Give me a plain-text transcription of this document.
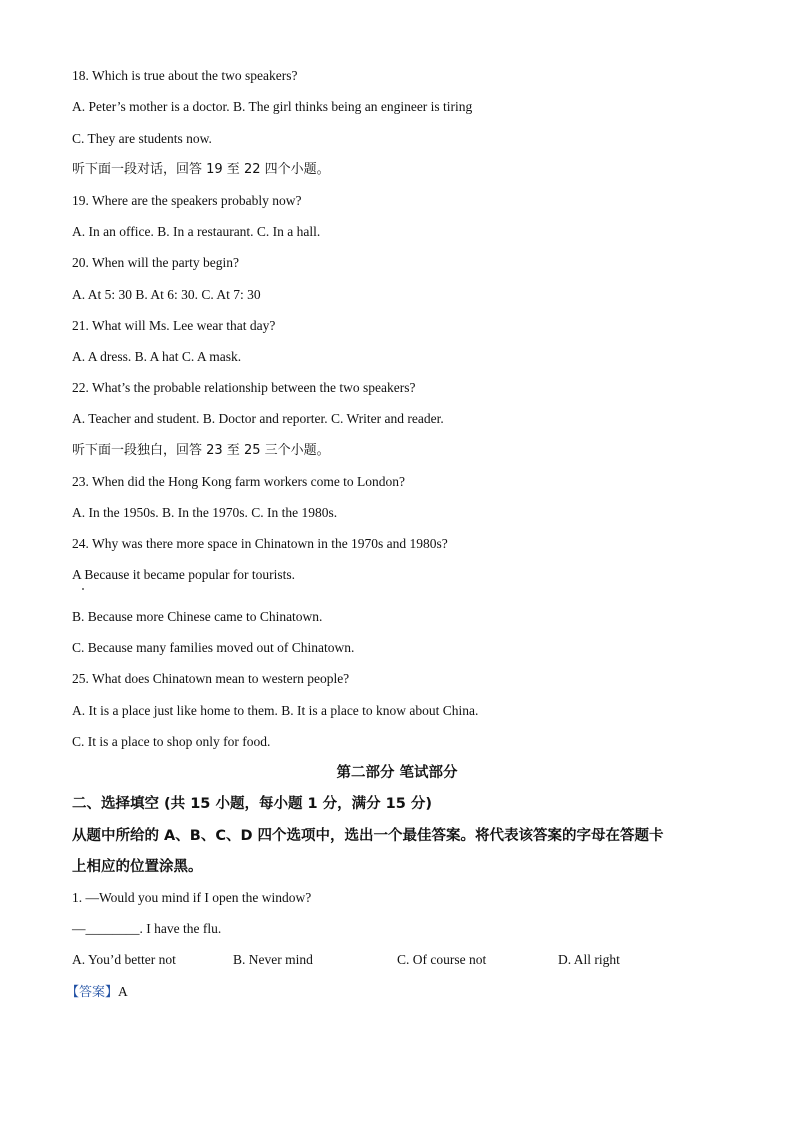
18. Which is true about the two speakers?
A. Peter’s mother is a doctor. B. The girl thinks being an engineer is tiring
C. They are students now.
听下面一段对话，回答 19 至 22 四个小题。
19. Where are the speakers probably now?
A. In an office. B. In a restaurant. C. In a hall.
20. When will the party begin?
A. At 5: 30 B. At 6: 30. C. At 7: 30
21. What will Ms. Lee wear that day?
A. A dress. B. A hat C. A mask.
22. What’s the probable relationship between the two speakers?
A. Teacher and student. B. Doctor and reporter. C. Writer and reader.
听下面一段独白，回答 23 至 25 三个小题。
23. When did the Hong Kong farm workers come to London?
A. In the 1950s. B. In the 1970s. C. In the 1980s.
24. Why was there more space in Chinatown in the 1970s and 1980s?
A Because it became popular for tourists.
B. Because more Chinese came to Chinatown.
C. Because many families moved out of Chinatown.
25. What does Chinatown mean to western people?
A. It is a place just like home to them. B. It is a place to know about China.
C. It is a place to shop only for food.
第二部分 笔试部分
二、选择填空 (共 15 小题，每小题 1 分，满分 15 分)
从题中所给的 A、B、C、D 四个选项中，选出一个最佳答案。将代表该答案的字母在答题卡
上相应的位置涂黑。
1. —Would you mind if I open the window?
—________. I have the flu.
A. You’d better not	B. Never mind	C. Of course not	D. All right
【答案】A
